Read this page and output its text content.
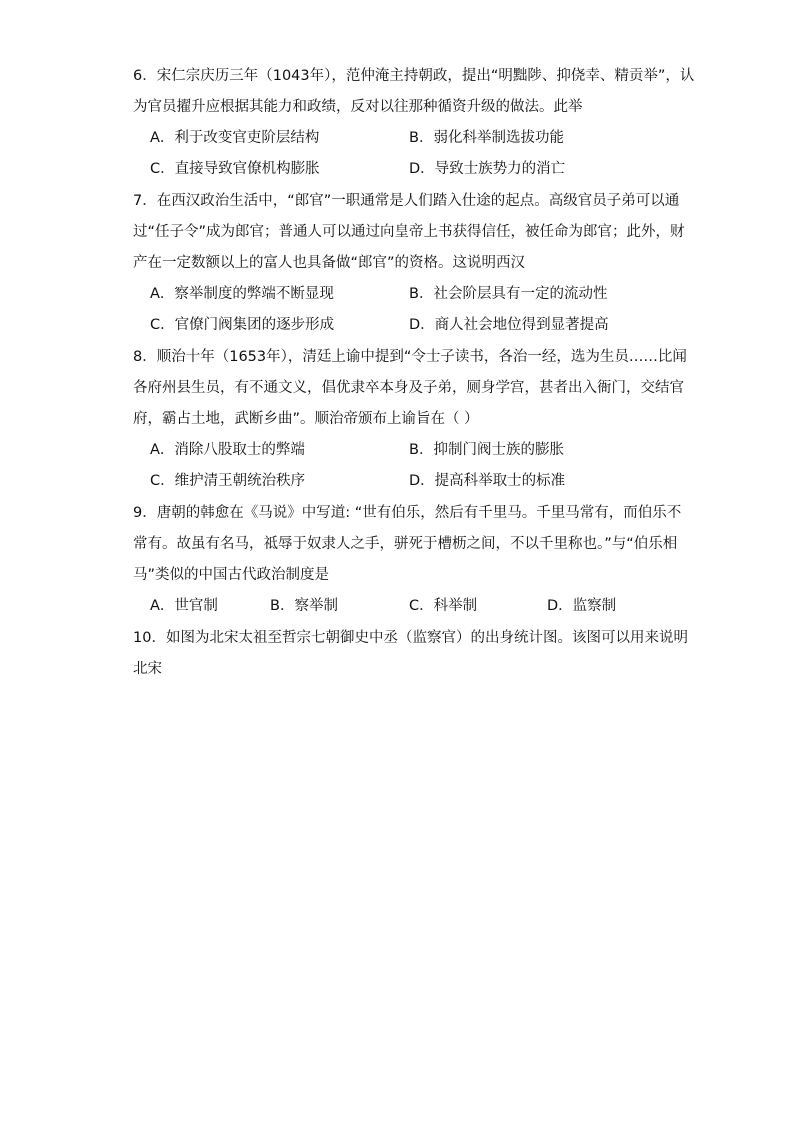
6．宋仁宗庆历三年（1043年），范仲淹主持朝政，提出“明黜陟、抑侥幸、精贡举”，认
为官员擢升应根据其能力和政绩，反对以往那种循资升级的做法。此举
A．利于改变官吏阶层结构	B．弱化科举制选拔功能
C．直接导致官僚机构膨胀	D．导致士族势力的消亡
7．在西汉政治生活中，“郎官”一职通常是人们踏入仕途的起点。高级官员子弟可以通
过“任子令”成为郎官；普通人可以通过向皇帝上书获得信任，被任命为郎官；此外，财
产在一定数额以上的富人也具备做“郎官”的资格。这说明西汉
A．察举制度的弊端不断显现	B．社会阶层具有一定的流动性
C．官僚门阀集团的逐步形成	D．商人社会地位得到显著提高
8．顺治十年（1653年），清廷上谕中提到“令士子读书，各治一经，选为生员……比闻
各府州县生员，有不通文义，倡优隶卒本身及子弟，厕身学宫，甚者出入衙门，交结官
府，霸占土地，武断乡曲”。顺治帝颁布上谕旨在（ ）
A．消除八股取士的弊端	B．抑制门阀士族的膨胀
C．维护清王朝统治秩序	D．提高科举取士的标准
9．唐朝的韩愈在《马说》中写道: “世有伯乐，然后有千里马。千里马常有，而伯乐不
常有。故虽有名马，祗辱于奴隶人之手，骈死于槽枥之间，不以千里称也。”与“伯乐相
马”类似的中国古代政治制度是
A．世官制	B．察举制	C．科举制	D．监察制
10．如图为北宋太祖至哲宗七朝御史中丞（监察官）的出身统计图。该图可以用来说明
北宋
